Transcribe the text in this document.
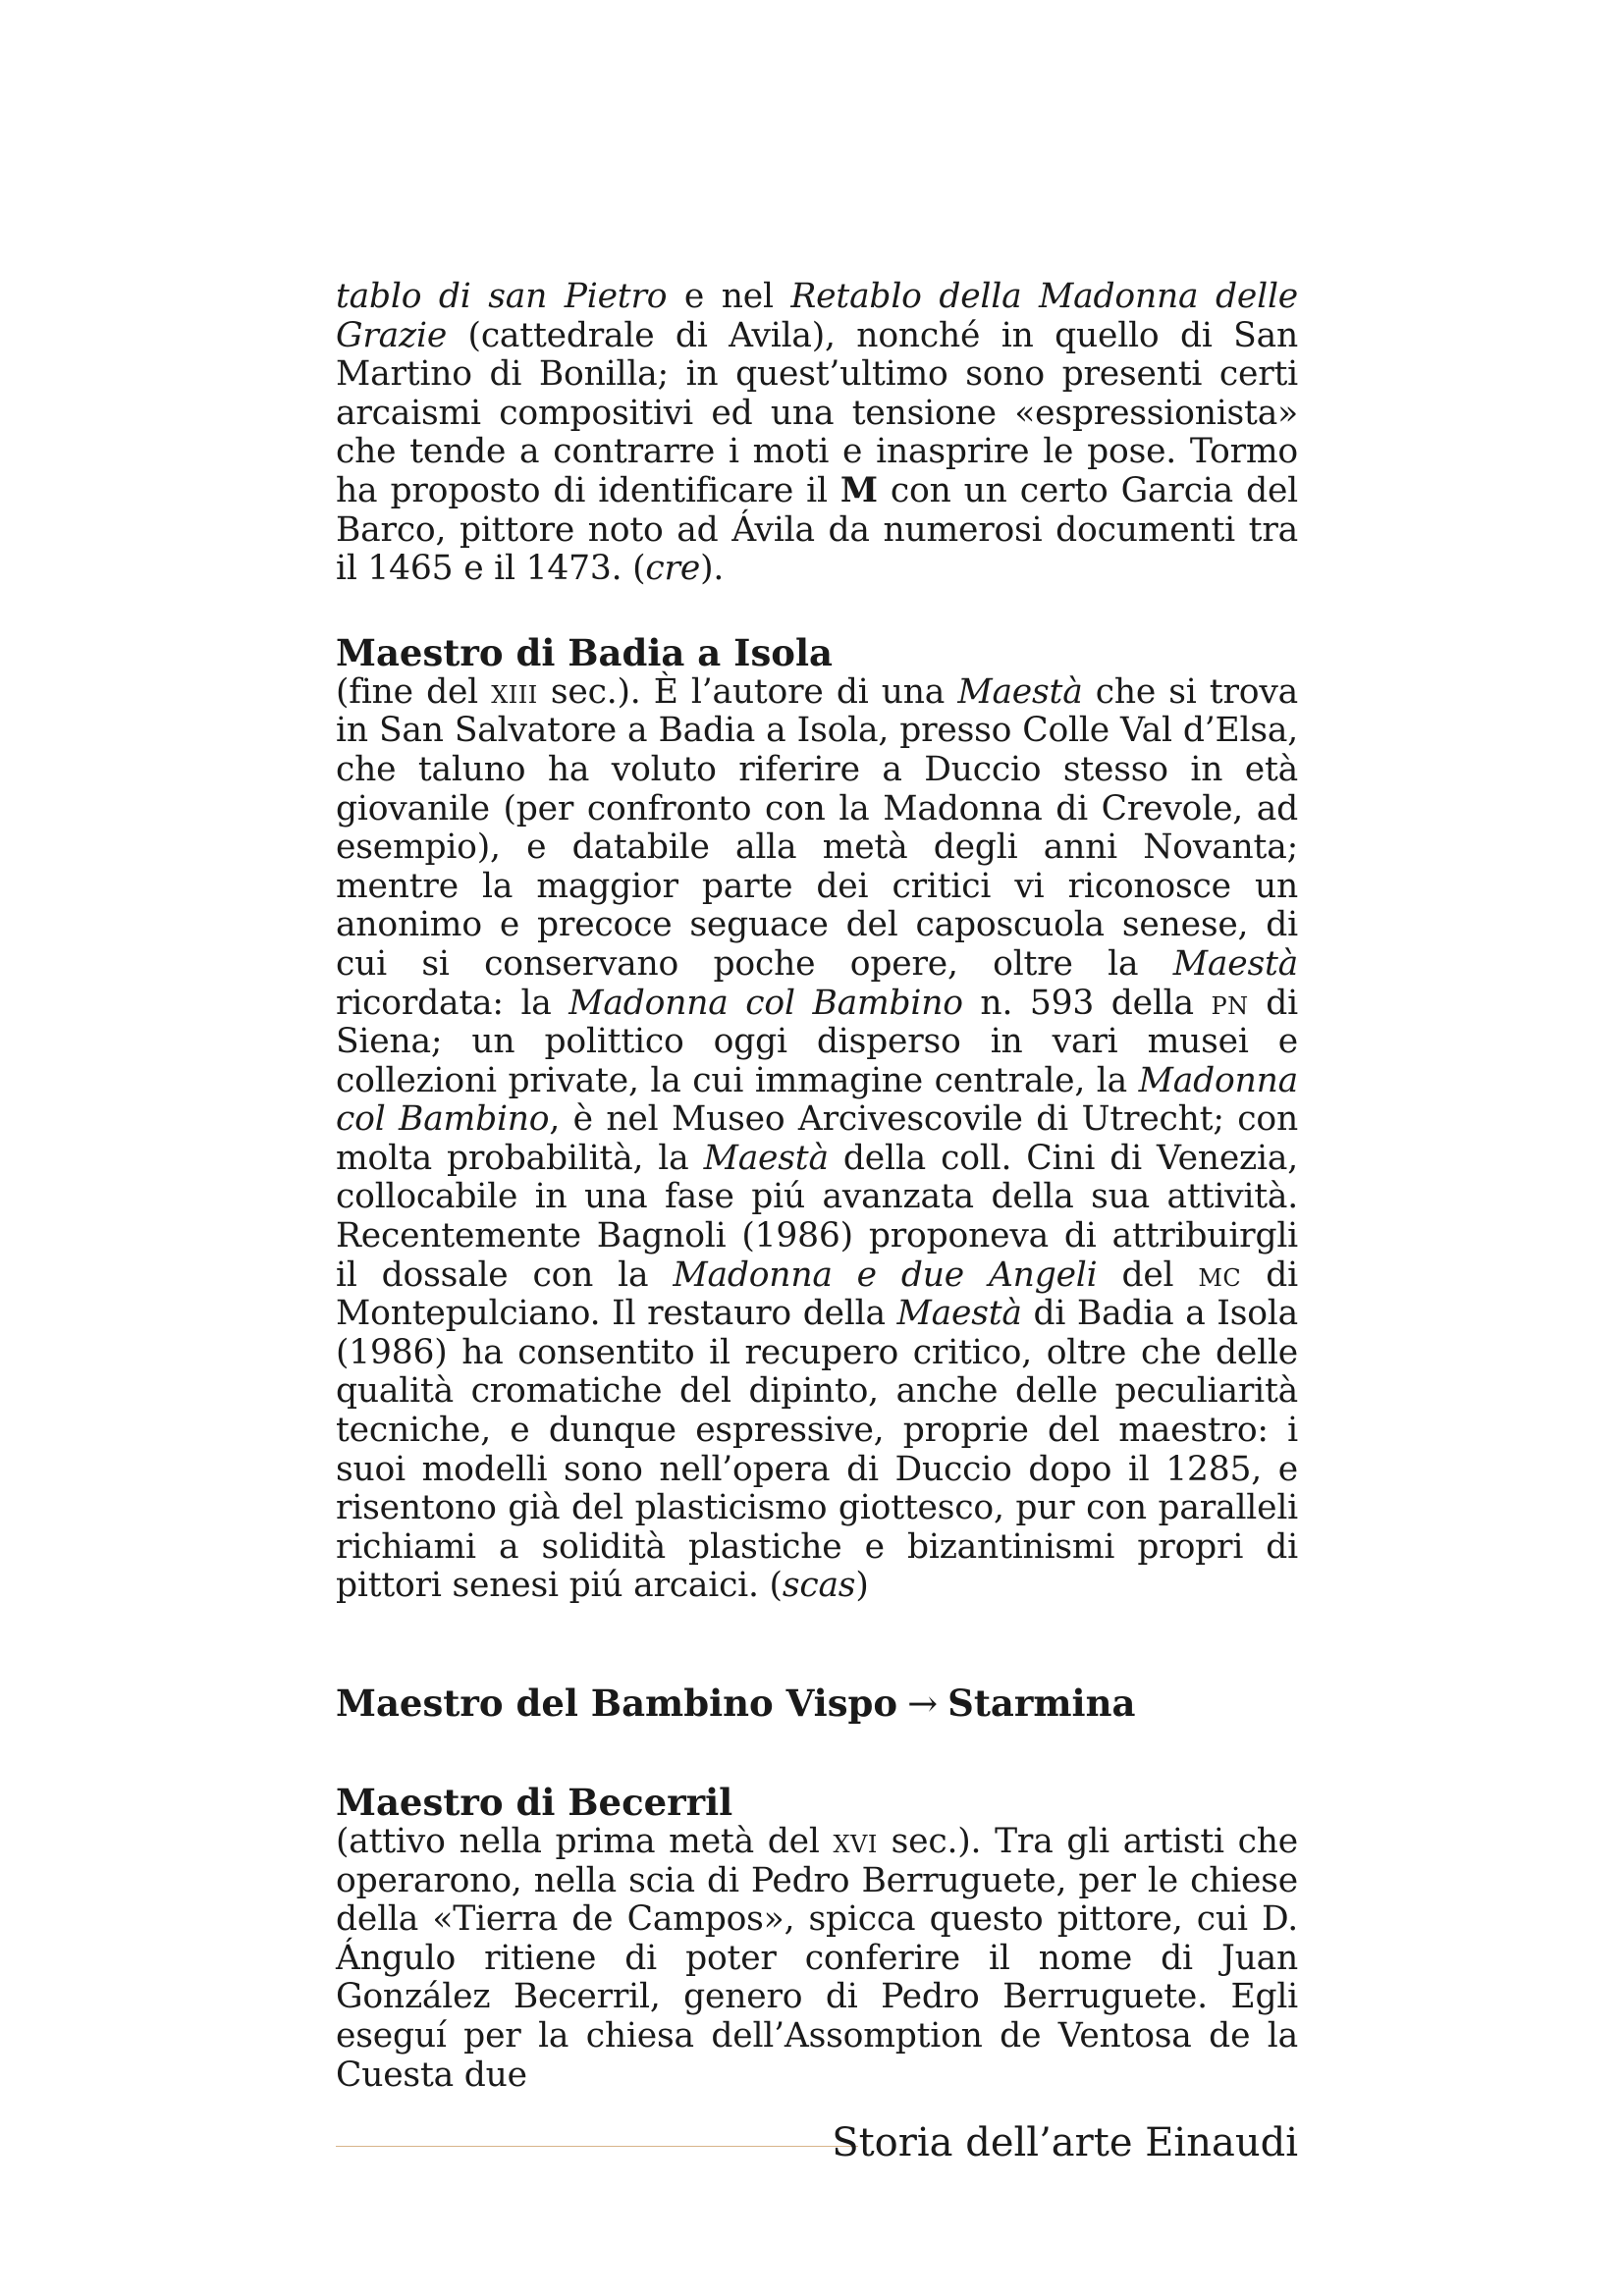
tablo di san Pietro e nel Retablo della Madonna delle Grazie (cattedrale di Avila), nonché in quello di San Martino di Bonilla; in quest’ultimo sono presenti certi arcaismi compositivi ed una tensione «espressionista» che tende a contrarre i moti e inasprire le pose. Tormo ha proposto di identificare il M con un certo Garcia del Barco, pittore noto ad Ávila da numerosi documenti tra il 1465 e il 1473. (cre).

Maestro di Badia a Isola

(fine del xiii sec.). È l’autore di una Maestà che si trova in San Salvatore a Badia a Isola, presso Colle Val d’Elsa, che taluno ha voluto riferire a Duccio stesso in età giovanile (per confronto con la Madonna di Crevole, ad esempio), e databile alla metà degli anni Novanta; mentre la maggior parte dei critici vi riconosce un anonimo e precoce seguace del caposcuola senese, di cui si conservano poche opere, oltre la Maestà ricordata: la Madonna col Bambino n. 593 della pn di Siena; un polittico oggi disperso in vari musei e collezioni private, la cui immagine centrale, la Madonna col Bambino, è nel Museo Arcivescovile di Utrecht; con molta probabilità, la Maestà della coll. Cini di Venezia, collocabile in una fase piú avanzata della sua attività. Recentemente Bagnoli (1986) proponeva di attribuirgli il dossale con la Madonna e due Angeli del mc di Montepulciano. Il restauro della Maestà di Badia a Isola (1986) ha consentito il recupero critico, oltre che delle qualità cromatiche del dipinto, anche delle peculiarità tecniche, e dunque espressive, proprie del maestro: i suoi modelli sono nell’opera di Duccio dopo il 1285, e risentono già del plasticismo giottesco, pur con paralleli richiami a solidità plastiche e bizantinismi propri di pittori senesi piú arcaici. (scas)

Maestro del Bambino Vispo → Starmina
Maestro di Becerril

(attivo nella prima metà del xvi sec.). Tra gli artisti che operarono, nella scia di Pedro Berruguete, per le chiese della «Tierra de Campos», spicca questo pittore, cui D. Ángulo ritiene di poter conferire il nome di Juan González Becerril, genero di Pedro Berruguete. Egli eseguí per la chiesa dell’Assomption de Ventosa de la Cuesta due

Storia dell’arte Einaudi
